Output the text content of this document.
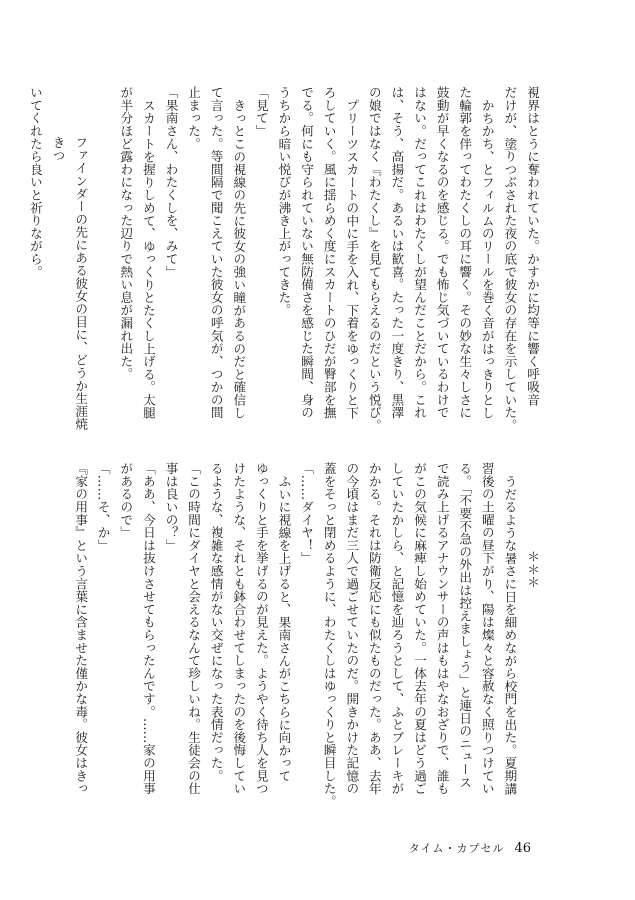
視界はとうに奪われていた。かすかに均等に響く呼吸音
だけが、塗りつぶされた夜の底で彼女の存在を示していた。
かちかち、とフィルムのリールを巻く音がはっきりとし
た輪郭を伴ってわたくしの耳に響く。その妙な生々しさに
鼓動が早くなるのを感じる。でも怖じ気づいているわけで
はない。だってこれはわたくしが望んだことだから。これ
は、そう、高揚だ。あるいは歓喜。たった一度きり、黒澤
の娘ではなく『わたくし』を見てもらえるのだという悦び。
プリーツスカートの中に手を入れ、下着をゆっくりと下
ろしていく。風に揺らめく度にスカートのひだが臀部を撫
でる。何にも守られていない無防備さを感じた瞬間、身の
うちから暗い悦びが沸き上がってきた。
「見て」
きっとこの視線の先に彼女の強い瞳があるのだと確信し
て言った。等間隔で聞こえていた彼女の呼気が、つかの間
止まった。
「果南さん、わたくしを、みて」
スカートを握りしめて、ゆっくりとたくし上げる。太腿
が半分ほど露わになった辺りで熱い息が漏れ出た。
ファインダーの先にある彼女の目に、どうか生涯焼きつ
いてくれたら良いと祈りながら。
＊＊＊
うだるような暑さに日を細めながら校門を出た。夏期講
習後の土曜の昼下がり、陽は燦々と容赦なく照りつけてい
る。「不要不急の外出は控えましょう」と連日のニュース
で読み上げるアナウンサーの声はもはやなおざりで、誰も
がこの気候に麻痺し始めていた。一体去年の夏はどう過ご
していたかしら、と記憶を辿ろうとして、ふとブレーキが
かかる。それは防衛反応にも似たものだった。ああ、去年
の今頃はまだ三人で過ごせていたのだ。開きかけた記憶の
蓋をそっと閉めるように、わたくしはゆっくりと瞬目した。
「……ダイヤ！」
ふいに視線を上げると、果南さんがこちらに向かって
ゆっくりと手を挙げるのが見えた。ようやく待ち人を見つ
けたような、それとも鉢合わせてしまったのを後悔してい
るような、複雑な感情がない交ぜになった表情だった。
「この時間にダイヤと会えるなんて珍しいね。生徒会の仕
事は良いの？」
「ああ、今日は抜けさせてもらったんです。……家の用事
があるので」
「……そ、か」
『家の用事』という言葉に含ませた僅かな毒。彼女はきっ
タイム・カプセル 46
